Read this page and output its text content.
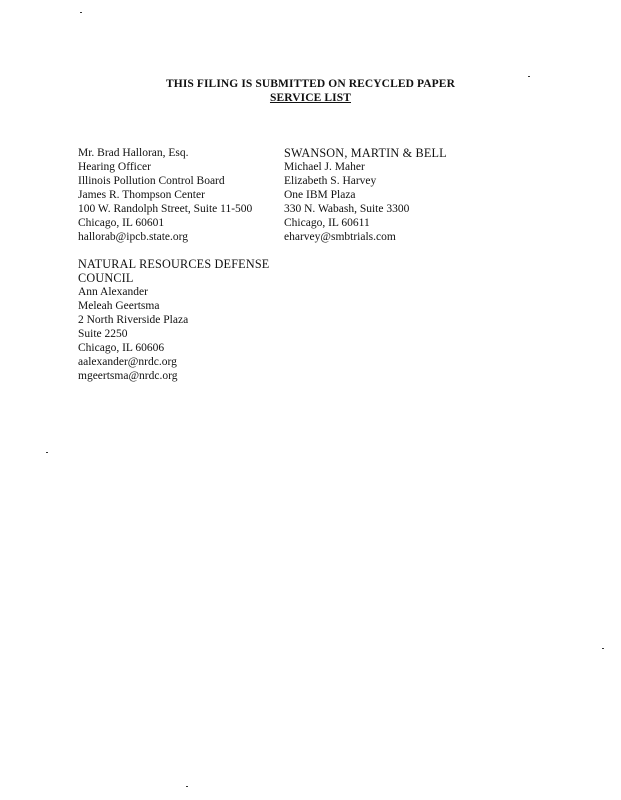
THIS FILING IS SUBMITTED ON RECYCLED PAPER
SERVICE LIST
Mr. Brad Halloran, Esq.
Hearing Officer
Illinois Pollution Control Board
James R. Thompson Center
100 W. Randolph Street, Suite 11-500
Chicago, IL 60601
hallorab@ipcb.state.org
SWANSON, MARTIN & BELL
Michael J. Maher
Elizabeth S. Harvey
One IBM Plaza
330 N. Wabash, Suite 3300
Chicago, IL 60611
eharvey@smbtrials.com
NATURAL RESOURCES DEFENSE
COUNCIL
Ann Alexander
Meleah Geertsma
2 North Riverside Plaza
Suite 2250
Chicago, IL 60606
aalexander@nrdc.org
mgeertsma@nrdc.org
